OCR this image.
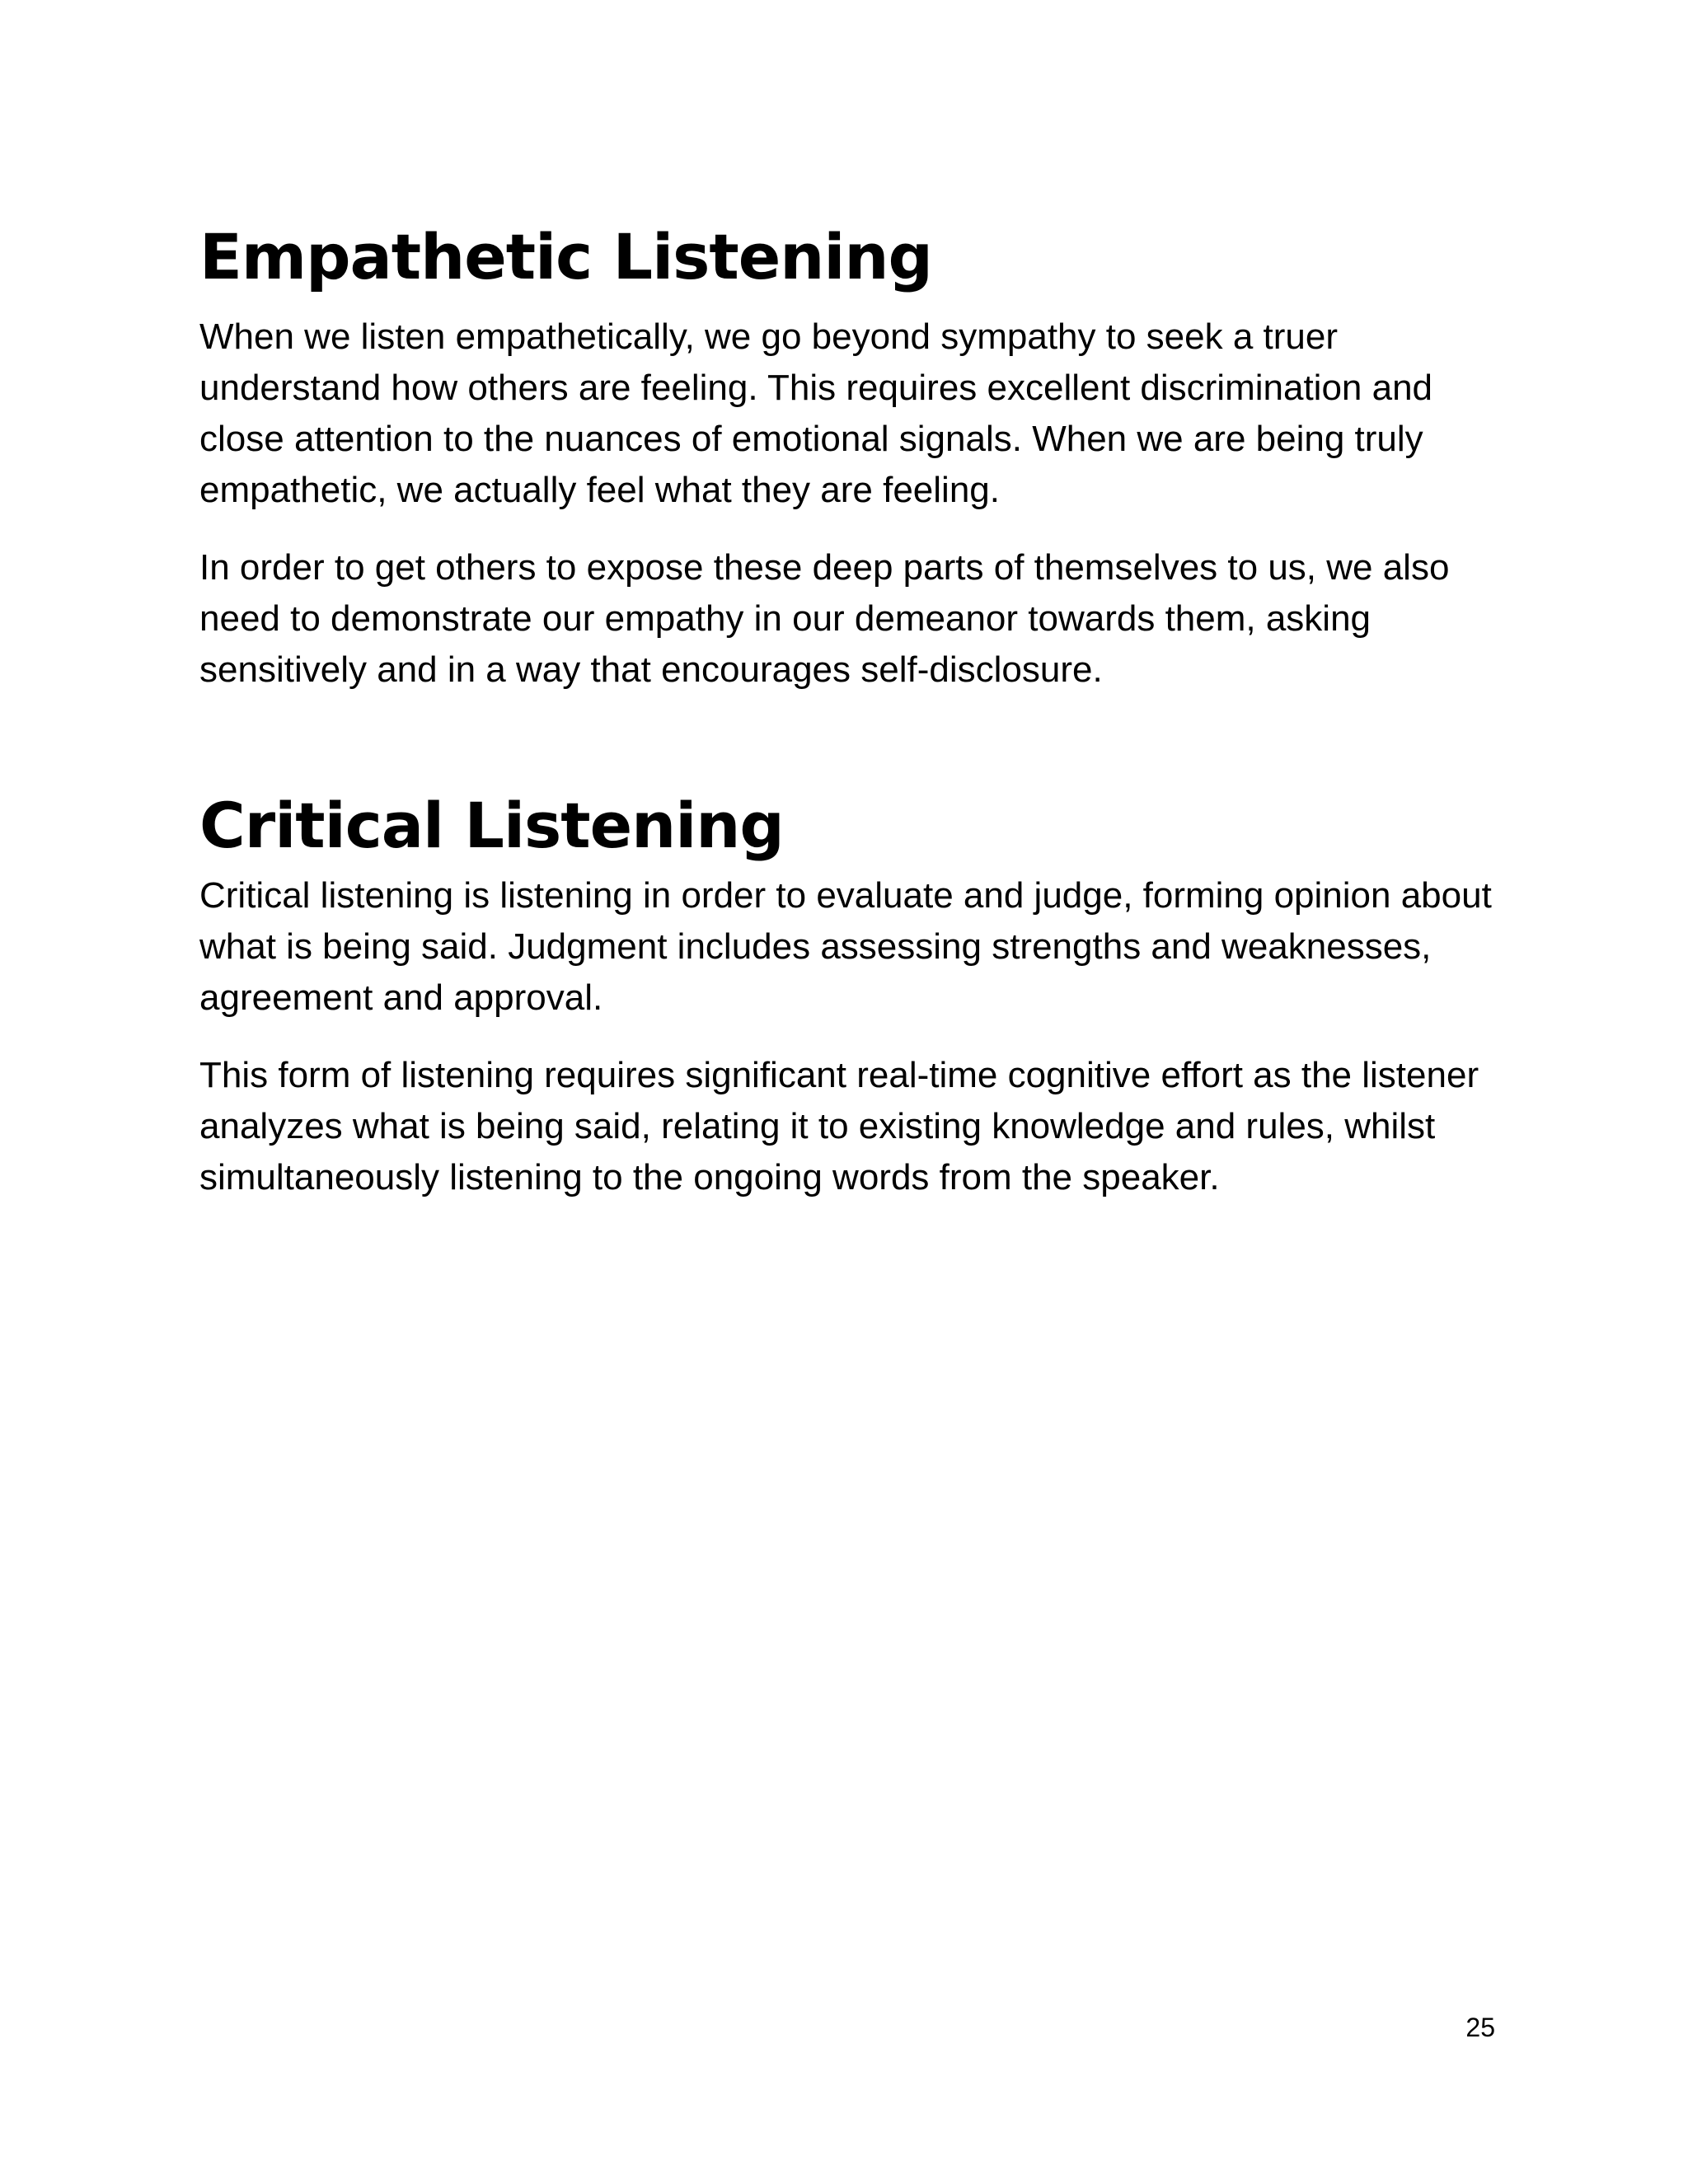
Empathetic Listening

When we listen empathetically, we go beyond sympathy to seek a truer understand how others are feeling. This requires excellent discrimination and close attention to the nuances of emotional signals. When we are being truly empathetic, we actually feel what they are feeling.

In order to get others to expose these deep parts of themselves to us, we also need to demonstrate our empathy in our demeanor towards them, asking sensitively and in a way that encourages self-disclosure.

Critical Listening

Critical listening is listening in order to evaluate and judge, forming opinion about what is being said. Judgment includes assessing strengths and weaknesses, agreement and approval.

This form of listening requires significant real-time cognitive effort as the listener analyzes what is being said, relating it to existing knowledge and rules, whilst simultaneously listening to the ongoing words from the speaker.

25
